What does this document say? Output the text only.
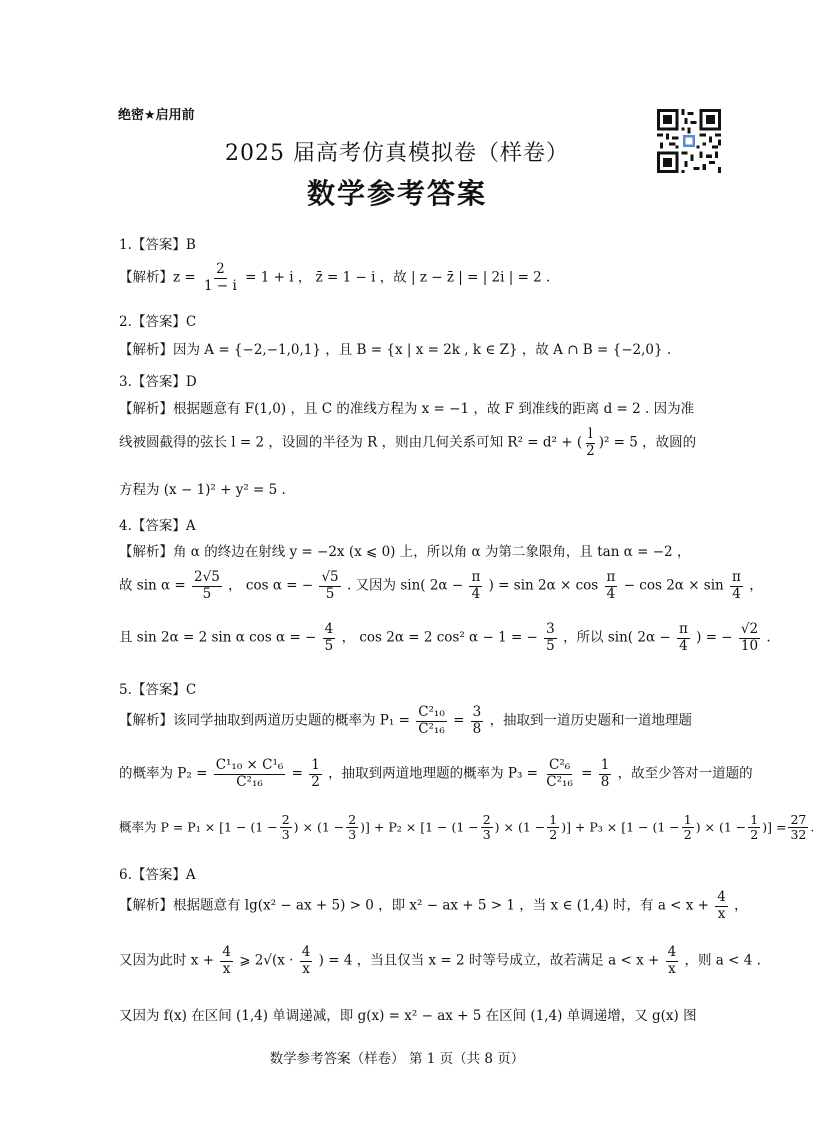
绝密★启用前
2025 届高考仿真模拟卷（样卷）
数学参考答案
1.【答案】B
【解析】$z = \frac{2}{1 - i} = 1 + i$ ， z̄ = 1 − i ，故 | z − z̄ | = | 2i | = 2 .
2.【答案】C
【解析】因为 A = {−2,−1,0,1} ，且 B = {x | x = 2k , k ∈ Z} ，故 A ∩ B = {−2,0} .
3.【答案】D
【解析】根据题意有 F(1,0) ，且 C 的准线方程为 x = −1 ，故 F 到准线的距离 d = 2 . 因为准
线被圆截得的弦长 l = 2 ，设圆的半径为 R ，则由几何关系可知 R² = d² + ( $\frac{l}{2} )^2 = 5$ ，故圆的
方程为 (x − 1)² + y² = 5 .
4.【答案】A
【解析】角 α 的终边在射线 y = −2x (x ⩽ 0) 上，所以角 α 为第二象限角，且 tan α = −2 ，
故 $\sin \alpha = \frac{2√5}{5}$ ， cos α = − $\frac{√5}{5}$ . 又因为 sin( $2\alpha - \frac{\pi}{4}$ ) = $\sin 2\alpha \times \cos \frac{\pi}{4} - \cos 2\alpha \times \sin \frac{\pi}{4}$ ，
且 sin 2α = 2 sin α cos α = − $\frac{4}{5}$ ， cos 2α = 2 cos² α − 1 = − $\frac{3}{5}$ ，所以 sin( $2\alpha - \frac{\pi}{4}$ ) = − $\frac{√2}{10}$ .
5.【答案】C
【解析】该同学抽取到两道历史题的概率为 $P_1 = \frac{\text{C²₁₀}}{\text{C²₁₆}} = \frac{3}{8}$ ，抽取到一道历史题和一道地理题
的概率为 $P_2 = \frac{\text{C¹₁₀ × C¹₆}}{\text{C²₁₆}} = \frac{1}{2}$ ，抽取到两道地理题的概率为 $P_3 = \frac{\text{C²₆}}{\text{C²₁₆}} = \frac{1}{8}$ ，故至少答对一道题的
概率为 $P = P_1 \times [1 - (1 - \frac{2}{3}$ ) × ($1 - \frac{2}{3}$ )] + $P_2 \times [1 - (1 - \frac{2}{3}$ ) × ($1 - \frac{1}{2}$ )] + $P_3 \times [1 - (1 - \frac{1}{2}$ ) × ($1 - \frac{1}{2}$ )] = $\frac{27}{32}$ .
6.【答案】A
【解析】根据题意有 lg(x² − ax + 5) > 0 ，即 x² − ax + 5 > 1 ，当 x ∈ (1,4) 时，有 $a < x + \frac{4}{x}$ ，
又因为此时 $x + \frac{4}{x}$ ⩾ $2√(x \cdot \frac{4}{x}$ ) = 4 ，当且仅当 x = 2 时等号成立，故若满足 $a < x + \frac{4}{x}$ ，则 a < 4 .
又因为 f(x) 在区间 (1,4) 单调递减，即 g(x) = x² − ax + 5 在区间 (1,4) 单调递增，又 g(x) 图
数学参考答案（样卷） 第 1 页（共 8 页）
